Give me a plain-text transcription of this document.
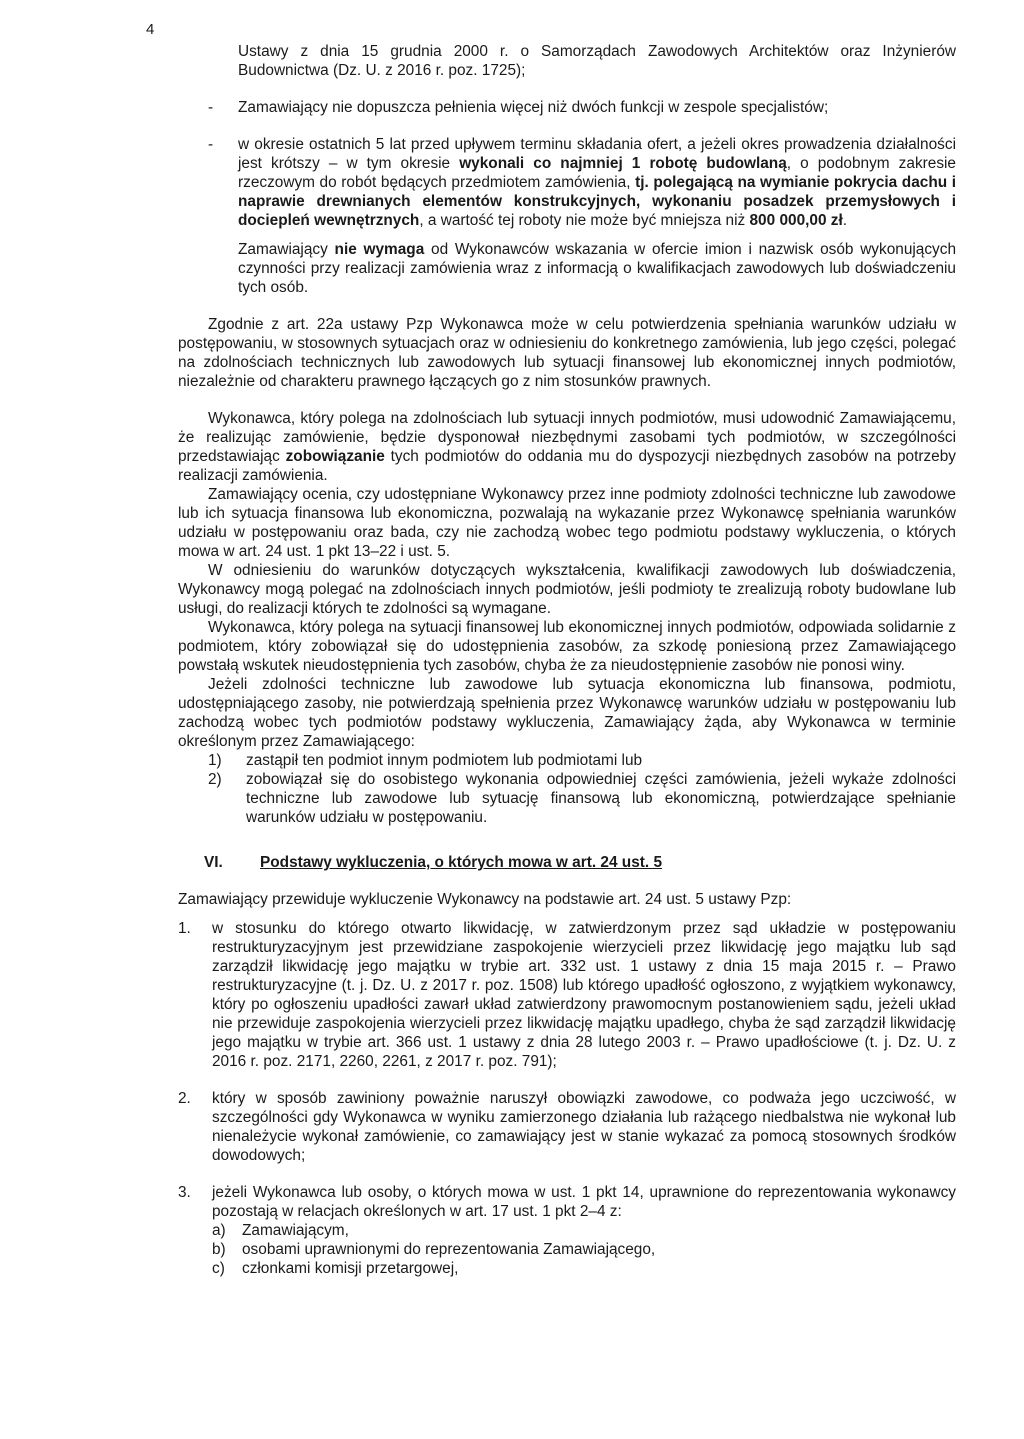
4

Ustawy z dnia 15 grudnia 2000 r. o Samorządach Zawodowych Architektów oraz Inżynierów Budownictwa (Dz. U. z 2016 r. poz. 1725);

- Zamawiający nie dopuszcza pełnienia więcej niż dwóch funkcji w zespole specjalistów;

- w okresie ostatnich 5 lat przed upływem terminu składania ofert, a jeżeli okres prowadzenia działalności jest krótszy – w tym okresie wykonali co najmniej 1 robotę budowlaną, o podobnym zakresie rzeczowym do robót będących przedmiotem zamówienia, tj. polegającą na wymianie pokrycia dachu i naprawie drewnianych elementów konstrukcyjnych, wykonaniu posadzek przemysłowych i dociepleń wewnętrznych, a wartość tej roboty nie może być mniejsza niż 800 000,00 zł.

Zamawiający nie wymaga od Wykonawców wskazania w ofercie imion i nazwisk osób wykonujących czynności przy realizacji zamówienia wraz z informacją o kwalifikacjach zawodowych lub doświadczeniu tych osób.

Zgodnie z art. 22a ustawy Pzp Wykonawca może w celu potwierdzenia spełniania warunków udziału w postępowaniu, w stosownych sytuacjach oraz w odniesieniu do konkretnego zamówienia, lub jego części, polegać na zdolnościach technicznych lub zawodowych lub sytuacji finansowej lub ekonomicznej innych podmiotów, niezależnie od charakteru prawnego łączących go z nim stosunków prawnych.

Wykonawca, który polega na zdolnościach lub sytuacji innych podmiotów, musi udowodnić Zamawiającemu, że realizując zamówienie, będzie dysponował niezbędnymi zasobami tych podmiotów, w szczególności przedstawiając zobowiązanie tych podmiotów do oddania mu do dyspozycji niezbędnych zasobów na potrzeby realizacji zamówienia.

Zamawiający ocenia, czy udostępniane Wykonawcy przez inne podmioty zdolności techniczne lub zawodowe lub ich sytuacja finansowa lub ekonomiczna, pozwalają na wykazanie przez Wykonawcę spełniania warunków udziału w postępowaniu oraz bada, czy nie zachodzą wobec tego podmiotu podstawy wykluczenia, o których mowa w art. 24 ust. 1 pkt 13–22 i ust. 5.

W odniesieniu do warunków dotyczących wykształcenia, kwalifikacji zawodowych lub doświadczenia, Wykonawcy mogą polegać na zdolnościach innych podmiotów, jeśli podmioty te zrealizują roboty budowlane lub usługi, do realizacji których te zdolności są wymagane.

Wykonawca, który polega na sytuacji finansowej lub ekonomicznej innych podmiotów, odpowiada solidarnie z podmiotem, który zobowiązał się do udostępnienia zasobów, za szkodę poniesioną przez Zamawiającego powstałą wskutek nieudostępnienia tych zasobów, chyba że za nieudostępnienie zasobów nie ponosi winy.

Jeżeli zdolności techniczne lub zawodowe lub sytuacja ekonomiczna lub finansowa, podmiotu, udostępniającego zasoby, nie potwierdzają spełnienia przez Wykonawcę warunków udziału w postępowaniu lub zachodzą wobec tych podmiotów podstawy wykluczenia, Zamawiający żąda, aby Wykonawca w terminie określonym przez Zamawiającego:

1) zastąpił ten podmiot innym podmiotem lub podmiotami lub

2) zobowiązał się do osobistego wykonania odpowiedniej części zamówienia, jeżeli wykaże zdolności techniczne lub zawodowe lub sytuację finansową lub ekonomiczną, potwierdzające spełnianie warunków udziału w postępowaniu.

VI. Podstawy wykluczenia, o których mowa w art. 24 ust. 5

Zamawiający przewiduje wykluczenie Wykonawcy na podstawie art. 24 ust. 5 ustawy Pzp:

1. w stosunku do którego otwarto likwidację, w zatwierdzonym przez sąd układzie w postępowaniu restrukturyzacyjnym jest przewidziane zaspokojenie wierzycieli przez likwidację jego majątku lub sąd zarządził likwidację jego majątku w trybie art. 332 ust. 1 ustawy z dnia 15 maja 2015 r. – Prawo restrukturyzacyjne (t. j. Dz. U. z 2017 r. poz. 1508) lub którego upadłość ogłoszono, z wyjątkiem wykonawcy, który po ogłoszeniu upadłości zawarł układ zatwierdzony prawomocnym postanowieniem sądu, jeżeli układ nie przewiduje zaspokojenia wierzycieli przez likwidację majątku upadłego, chyba że sąd zarządził likwidację jego majątku w trybie art. 366 ust. 1 ustawy z dnia 28 lutego 2003 r. – Prawo upadłościowe (t. j. Dz. U. z 2016 r. poz. 2171, 2260, 2261, z 2017 r. poz. 791);

2. który w sposób zawiniony poważnie naruszył obowiązki zawodowe, co podważa jego uczciwość, w szczególności gdy Wykonawca w wyniku zamierzonego działania lub rażącego niedbalstwa nie wykonał lub nienależycie wykonał zamówienie, co zamawiający jest w stanie wykazać za pomocą stosownych środków dowodowych;

3. jeżeli Wykonawca lub osoby, o których mowa w ust. 1 pkt 14, uprawnione do reprezentowania wykonawcy pozostają w relacjach określonych w art. 17 ust. 1 pkt 2–4 z:

a) Zamawiającym,

b) osobami uprawnionymi do reprezentowania Zamawiającego,

c) członkami komisji przetargowej,
